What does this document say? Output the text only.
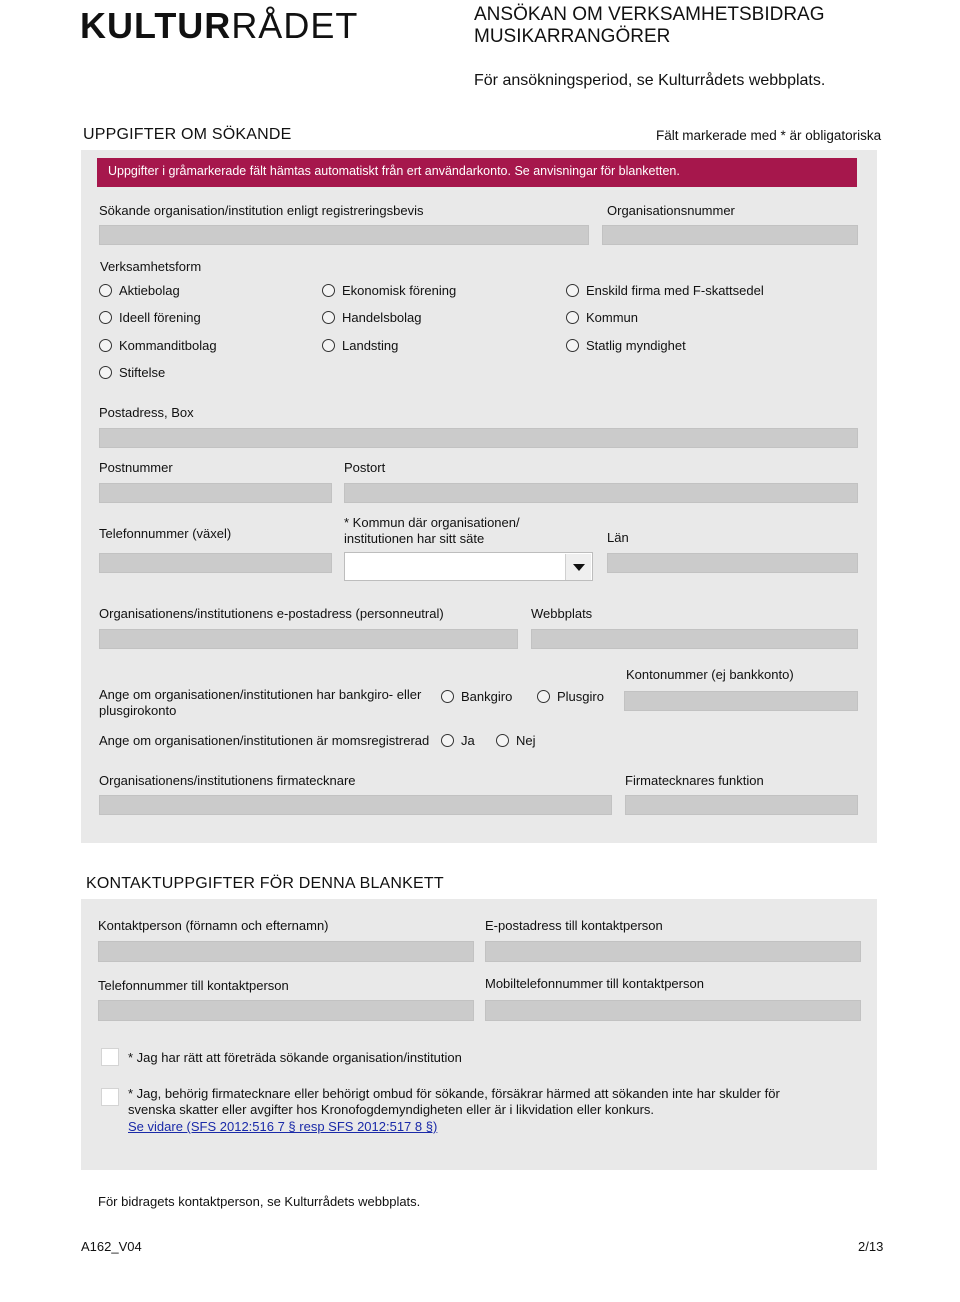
KULTURRÅDET	ANSÖKAN OM VERKSAMHETSBIDRAG
MUSIKARRANGÖRER
För ansökningsperiod, se Kulturrådets webbplats.
UPPGIFTER OM SÖKANDE	Fält markerade med * är obligatoriska
Uppgifter i gråmarkerade fält hämtas automatiskt från ert användarkonto. Se anvisningar för blanketten.
Sökande organisation/institution enligt registreringsbevis	Organisationsnummer
Verksamhetsform
Aktiebolag	Ekonomisk förening	Enskild firma med F-skattsedel
Ideell förening	Handelsbolag	Kommun
Kommanditbolag	Landsting	Statlig myndighet
Stiftelse
Postadress, Box
Postnummer	Postort
Telefonnummer (växel)
* Kommun där organisationen/
institutionen har sitt säte	Län
Organisationens/institutionens e-postadress (personneutral)	Webbplats
Kontonummer (ej bankkonto)
Ange om organisationen/institutionen har bankgiro- eller
plusgirokonto
Bankgiro	Plusgiro
Ange om organisationen/institutionen är momsregistrerad Ja	Nej
Organisationens/institutionens firmatecknare	Firmatecknares funktion
KONTAKTUPPGIFTER FÖR DENNA BLANKETT
Kontaktperson (förnamn och efternamn)	E-postadress till kontaktperson
Telefonnummer till kontaktperson	Mobiltelefonnummer till kontaktperson
* Jag har rätt att företräda sökande organisation/institution
* Jag, behörig firmatecknare eller behörigt ombud för sökande, försäkrar härmed att sökanden inte har skulder för
svenska skatter eller avgifter hos Kronofogdemyndigheten eller är i likvidation eller konkurs.
Se vidare (SFS 2012:516 7 § resp SFS 2012:517 8 §)
För bidragets kontaktperson, se Kulturrådets webbplats.
A162_V04	2/13
